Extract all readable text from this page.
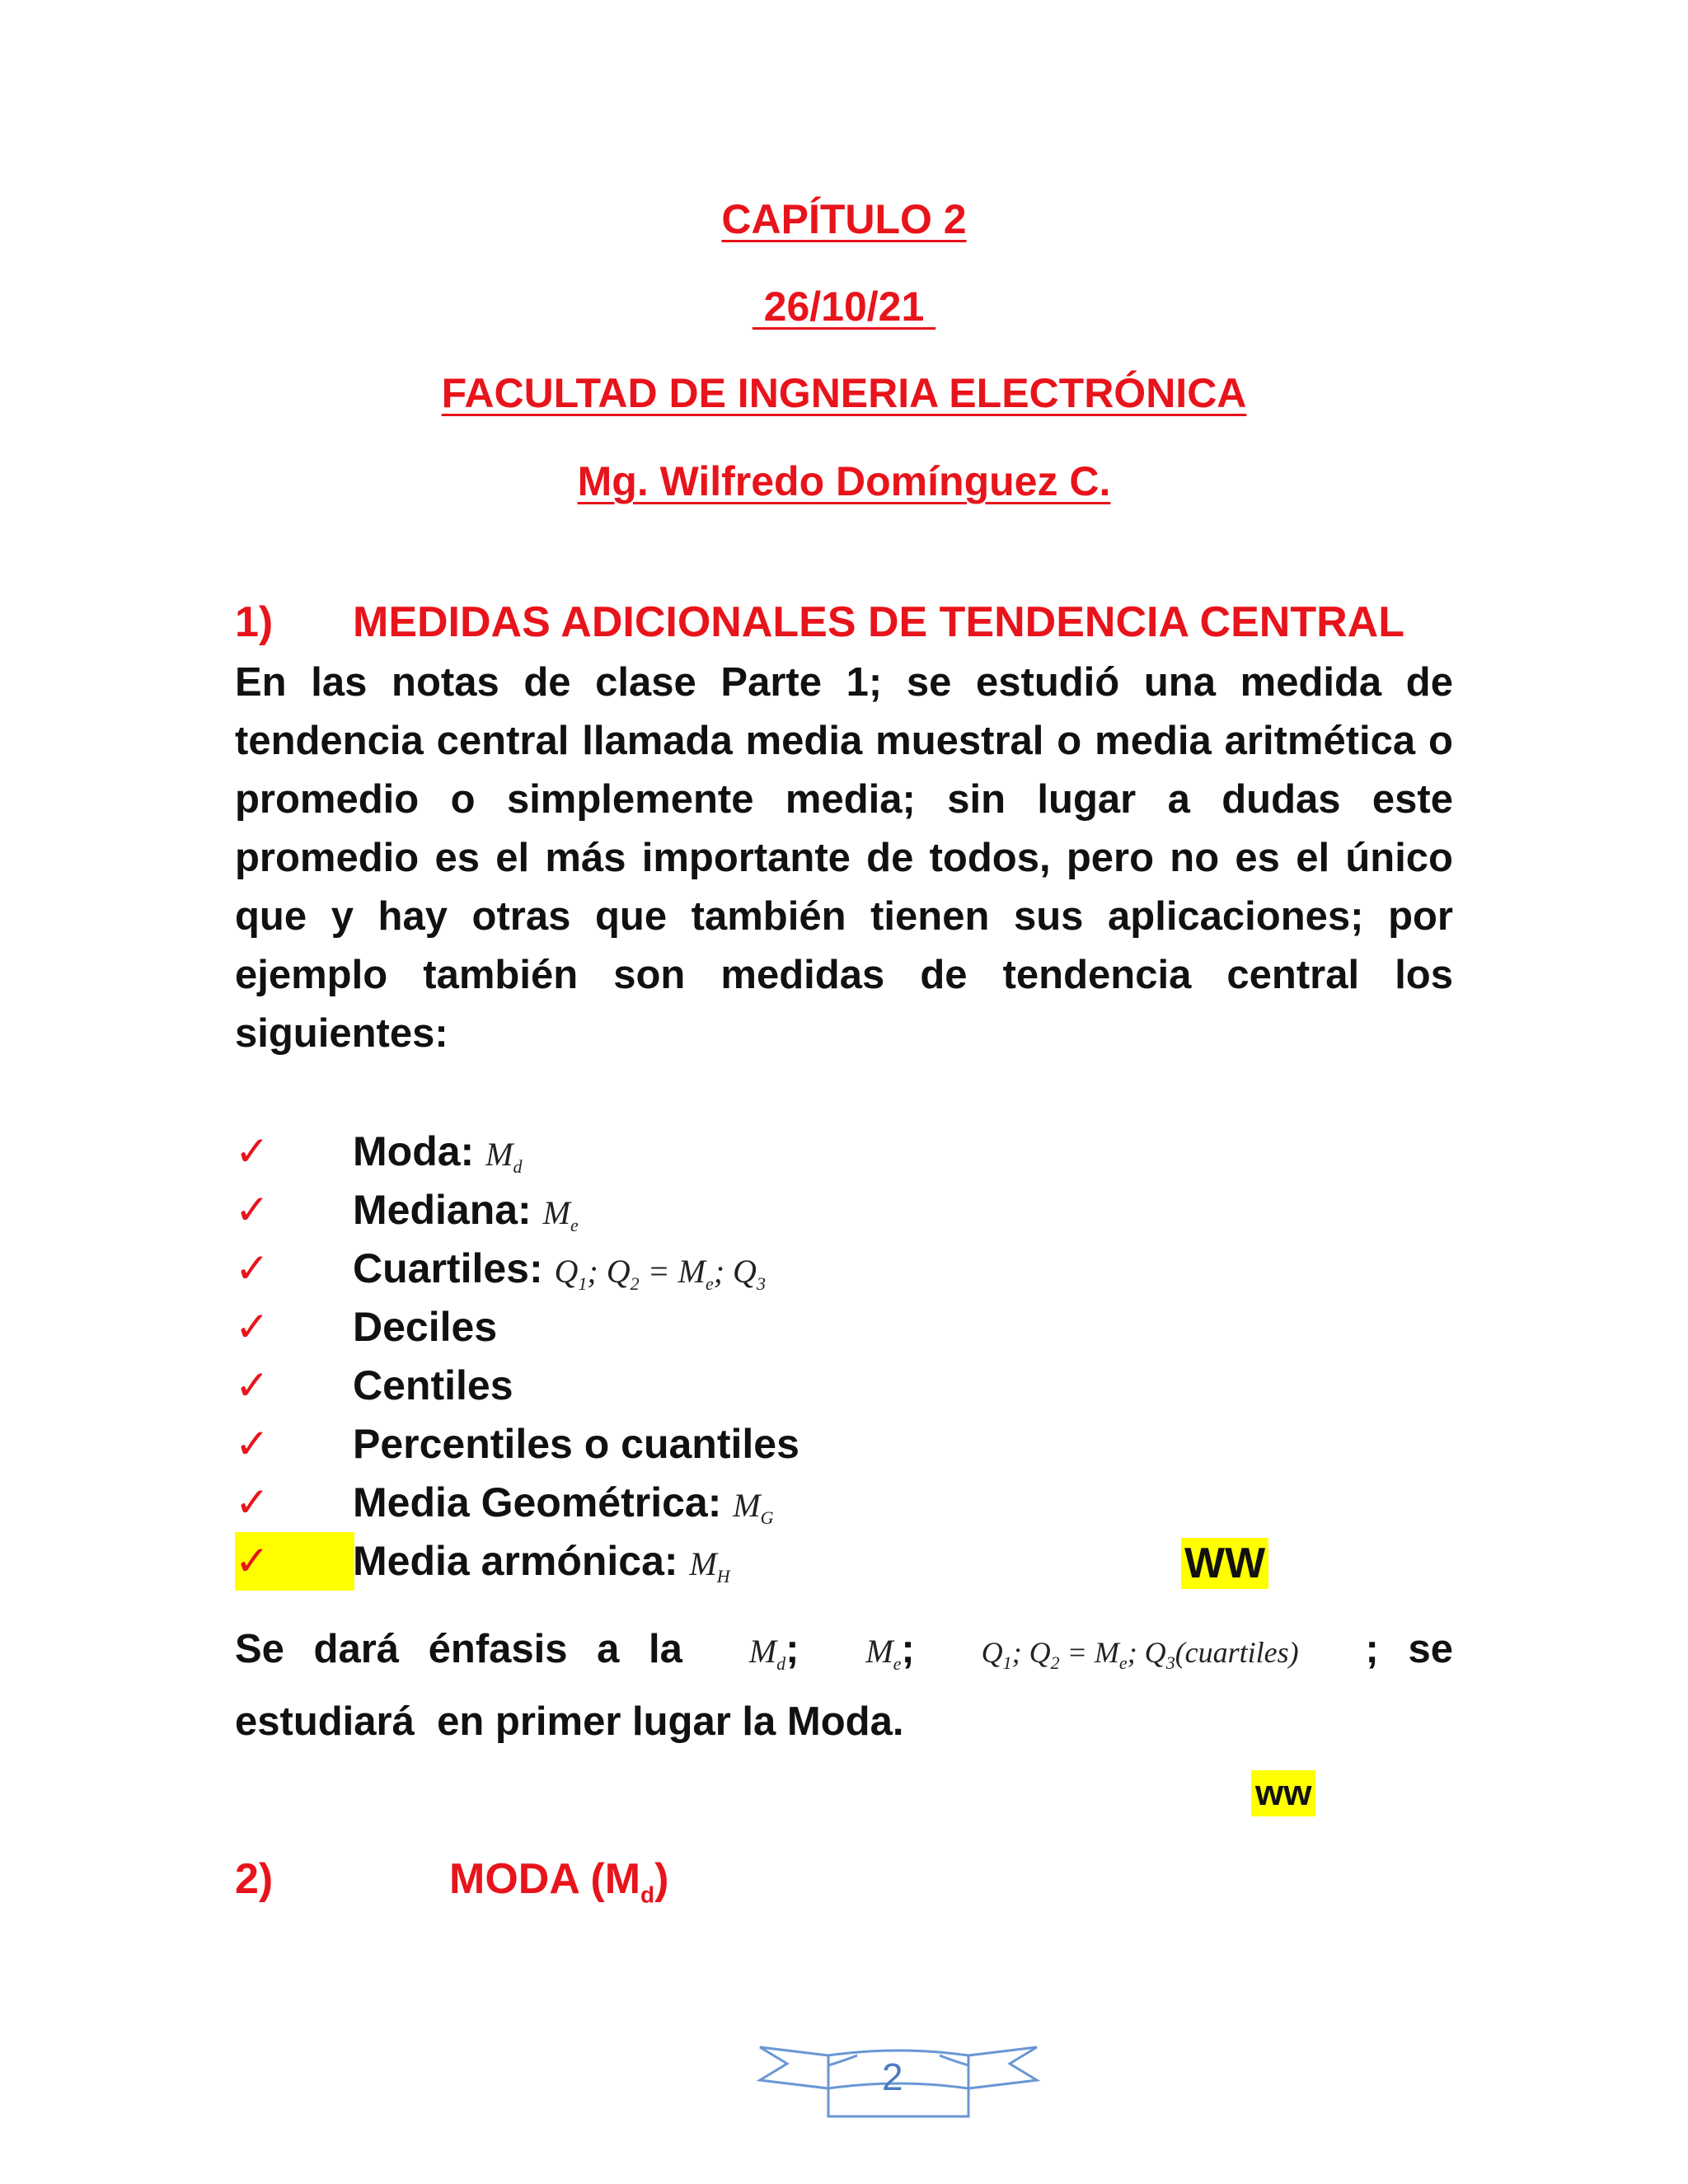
CAPÍTULO 2
26/10/21
FACULTAD DE INGNERIA ELECTRÓNICA
Mg. Wilfredo Domínguez C.
1) MEDIDAS ADICIONALES DE TENDENCIA CENTRAL
En las notas de clase Parte 1; se estudió una medida de tendencia central llamada media muestral o media aritmética o promedio o simplemente media; sin lugar a dudas este promedio es el más importante de todos, pero no es el único que y hay otras que también tienen sus aplicaciones; por ejemplo también son medidas de tendencia central los siguientes:
✓	Moda: $M_d$
✓	Mediana: $M_e$
✓	Cuartiles: $Q_1$; $Q_2 = M_e$; $Q_3$
✓	Deciles
✓	Centiles
✓	Percentiles o cuantiles
✓	Media Geométrica: $M_G$
✓	Media armónica: $M_H$	WW
Se dará énfasis a la $M_d$; $M_e$; $Q_1$; $Q_2 = M_e$; $Q_3(cuartiles)$ ; se
estudiará  en primer lugar la Moda.
ww
2)	MODA $(M_d)$
2
